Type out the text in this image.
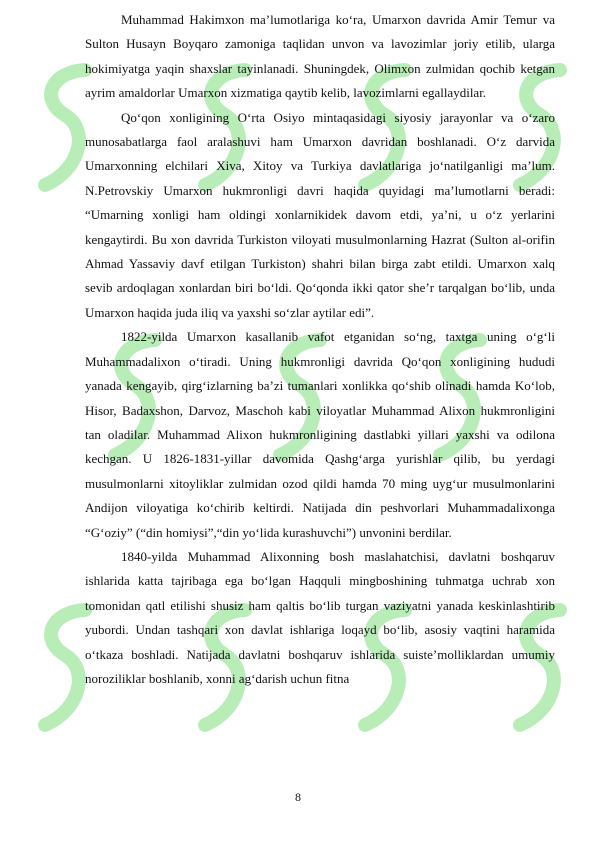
Muhammad Hakimxon ma’lumotlariga ko‘ra, Umarxon davrida Amir Temur va Sulton Husayn Boyqaro zamoniga taqlidan unvon va lavozimlar joriy etilib, ularga hokimiyatga yaqin shaxslar tayinlanadi. Shuningdek, Olimxon zulmidan qochib ketgan ayrim amaldorlar Umarxon xizmatiga qaytib kelib, lavozimlarni egallaydilar.

Qo‘qon xonligining O‘rta Osiyo mintaqasidagi siyosiy jarayonlar va o‘zaro munosabatlarga faol aralashuvi ham Umarxon davridan boshlanadi. O‘z darvida Umarxonning elchilari Xiva, Xitoy va Turkiya davlatlariga jo‘natilganligi ma’lum. N.Petrovskiy Umarxon hukmronligi davri haqida quyidagi ma’lumotlarni beradi: “Umarning xonligi ham oldingi xonlarnikidek davom etdi, ya’ni, u o‘z yerlarini kengaytirdi. Bu xon davrida Turkiston viloyati musulmonlarning Hazrat (Sulton al-orifin Ahmad Yassaviy davf etilgan Turkiston) shahri bilan birga zabt etildi. Umarxon xalq sevib ardoqlagan xonlardan biri bo‘ldi. Qo‘qonda ikki qator she’r tarqalgan bo‘lib, unda Umarxon haqida juda iliq va yaxshi so‘zlar aytilar edi”.

1822-yilda Umarxon kasallanib vafot etganidan so‘ng, taxtga uning o‘g‘li Muhammadalixon o‘tiradi. Uning hukmronligi davrida Qo‘qon xonligining hududi yanada kengayib, qirg‘izlarning ba’zi tumanlari xonlikka qo‘shib olinadi hamda Ko‘lob, Hisor, Badaxshon, Darvoz, Maschoh kabi viloyatlar Muhammad Alixon hukmronligini tan oladilar. Muhammad Alixon hukmronligining dastlabki yillari yaxshi va odilona kechgan. U 1826-1831-yillar davomida Qashg‘arga yurishlar qilib, bu yerdagi musulmonlarni xitoyliklar zulmidan ozod qildi hamda 70 ming uyg‘ur musulmonlarini Andijon viloyatiga ko‘chirib keltirdi. Natijada din peshvorlari Muhammadalixonga “G‘oziy” (“din homiysi”,“din yo‘lida kurashuvchi”) unvonini berdilar.

1840-yilda Muhammad Alixonning bosh maslahatchisi, davlatni boshqaruv ishlarida katta tajribaga ega bo‘lgan Haqquli mingboshining tuhmatga uchrab xon tomonidan qatl etilishi shusiz ham qaltis bo‘lib turgan vaziyatni yanada keskinlashtirib yubordi. Undan tashqari xon davlat ishlariga loqayd bo‘lib, asosiy vaqtini haramida o‘tkaza boshladi. Natijada davlatni boshqaruv ishlarida suiste’molliklardan umumiy noroziliklar boshlanib, xonni ag‘darish uchun fitna

8
